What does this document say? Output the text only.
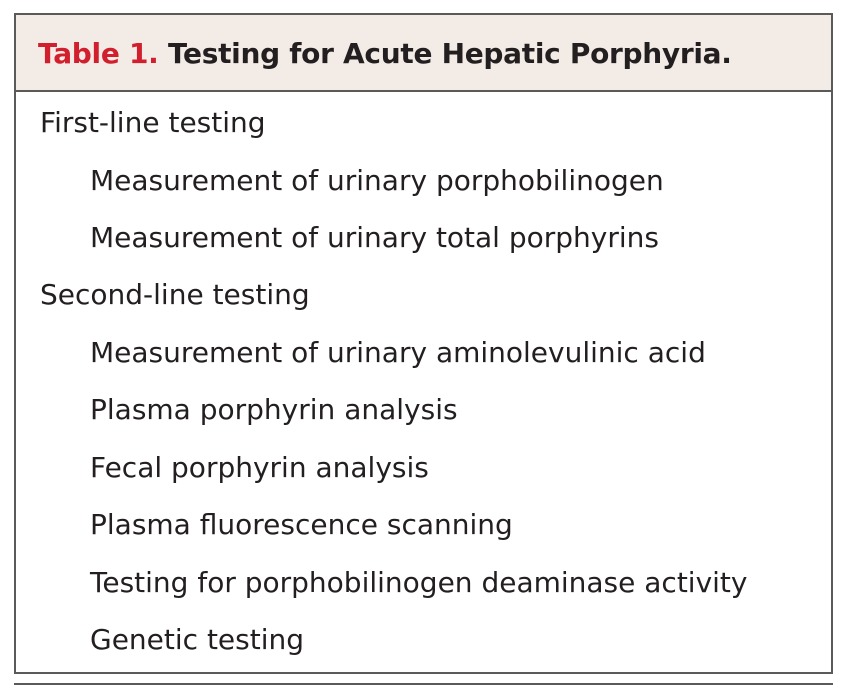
Table 1. Testing for Acute Hepatic Porphyria.
First-line testing
Measurement of urinary porphobilinogen
Measurement of urinary total porphyrins
Second-line testing
Measurement of urinary aminolevulinic acid
Plasma porphyrin analysis
Fecal porphyrin analysis
Plasma fluorescence scanning
Testing for porphobilinogen deaminase activity
Genetic testing
